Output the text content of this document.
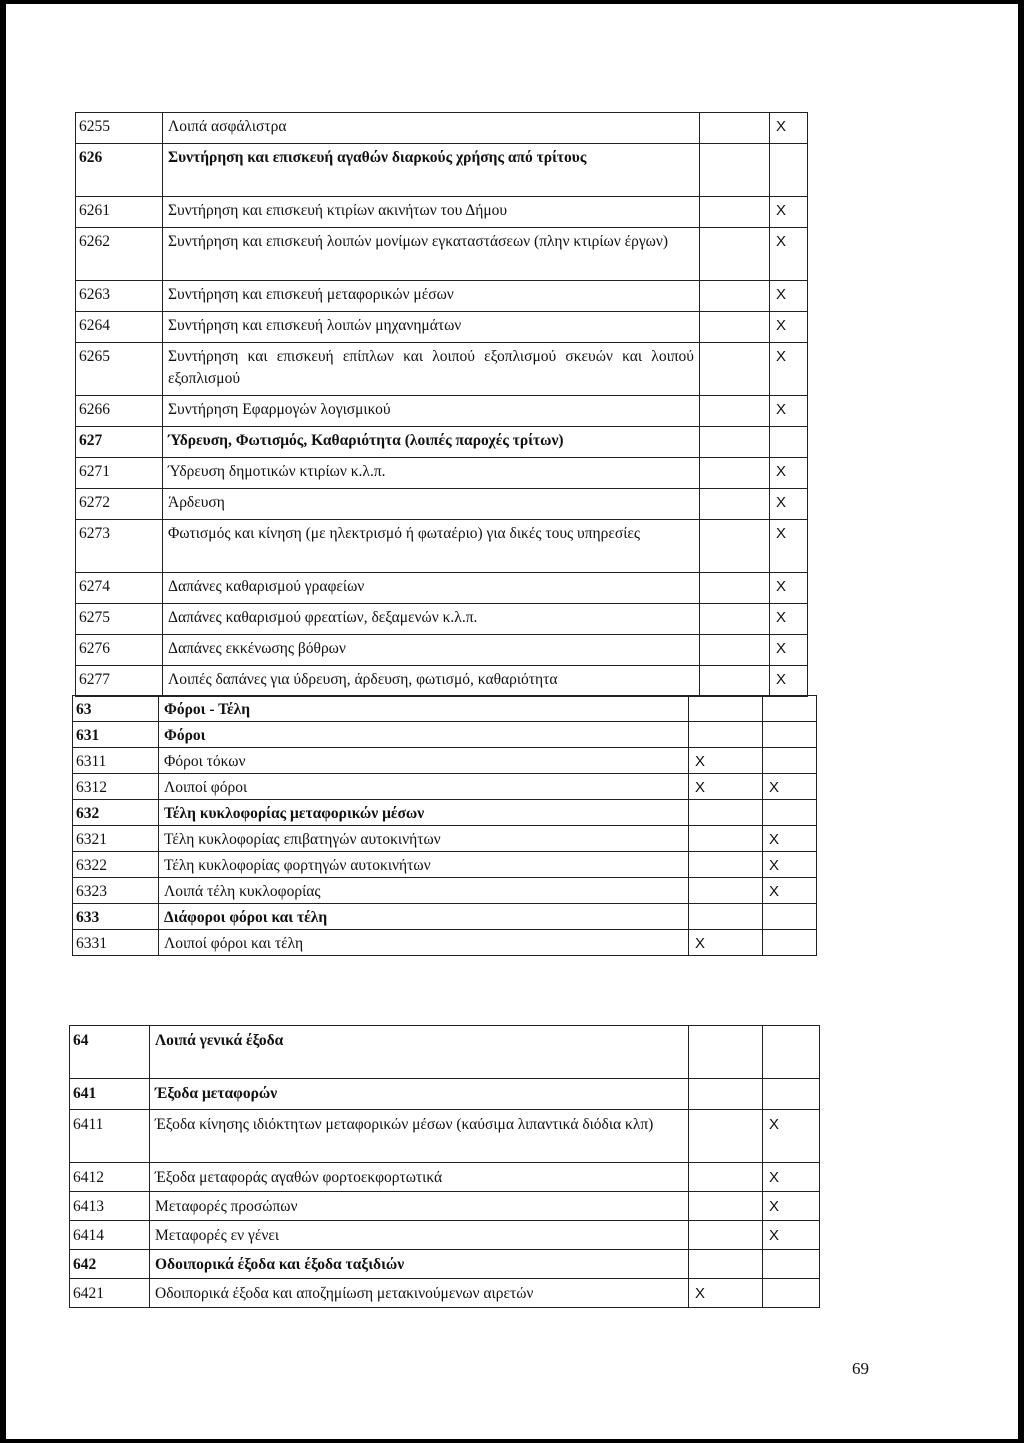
6255	Λοιπά ασφάλιστρα		X
626	Συντήρηση και επισκευή αγαθών διαρκούς χρήσης από τρίτους		
6261	Συντήρηση και επισκευή κτιρίων ακινήτων του Δήμου		X
6262	Συντήρηση και επισκευή λοιπών μονίμων εγκαταστάσεων (πλην κτιρίων έργων)		X
6263	Συντήρηση και επισκευή μεταφορικών μέσων		X
6264	Συντήρηση και επισκευή λοιπών μηχανημάτων		X
6265	Συντήρηση και επισκευή επίπλων και λοιπού εξοπλισμού σκευών και λοιπού εξοπλισμού		X
6266	Συντήρηση Εφαρμογών λογισμικού		X
627	Ύδρευση, Φωτισμός, Καθαριότητα (λοιπές παροχές τρίτων)		
6271	Ύδρευση δημοτικών κτιρίων κ.λ.π.		X
6272	Άρδευση		X
6273	Φωτισμός και κίνηση (με ηλεκτρισμό ή φωταέριο) για δικές τους υπηρεσίες		X
6274	Δαπάνες καθαρισμού γραφείων		X
6275	Δαπάνες καθαρισμού φρεατίων, δεξαμενών κ.λ.π.		X
6276	Δαπάνες εκκένωσης βόθρων		X
6277	Λοιπές δαπάνες για ύδρευση, άρδευση, φωτισμό, καθαριότητα		X
63	Φόροι - Τέλη		
631	Φόροι		
6311	Φόροι τόκων	X	
6312	Λοιποί φόροι	X	X
632	Τέλη κυκλοφορίας μεταφορικών μέσων		
6321	Τέλη κυκλοφορίας επιβατηγών αυτοκινήτων		X
6322	Τέλη κυκλοφορίας φορτηγών αυτοκινήτων		X
6323	Λοιπά τέλη κυκλοφορίας		X
633	Διάφοροι φόροι και τέλη		
6331	Λοιποί φόροι και τέλη	X	
64	Λοιπά γενικά έξοδα		
641	Έξοδα μεταφορών		
6411	Έξοδα κίνησης ιδιόκτητων μεταφορικών μέσων (καύσιμα λιπαντικά διόδια κλπ)		X
6412	Έξοδα μεταφοράς αγαθών φορτοεκφορτωτικά		X
6413	Μεταφορές προσώπων		X
6414	Μεταφορές εν γένει		X
642	Οδοιπορικά έξοδα και έξοδα ταξιδιών		
6421	Οδοιπορικά έξοδα και αποζημίωση μετακινούμενων αιρετών	X	
69
